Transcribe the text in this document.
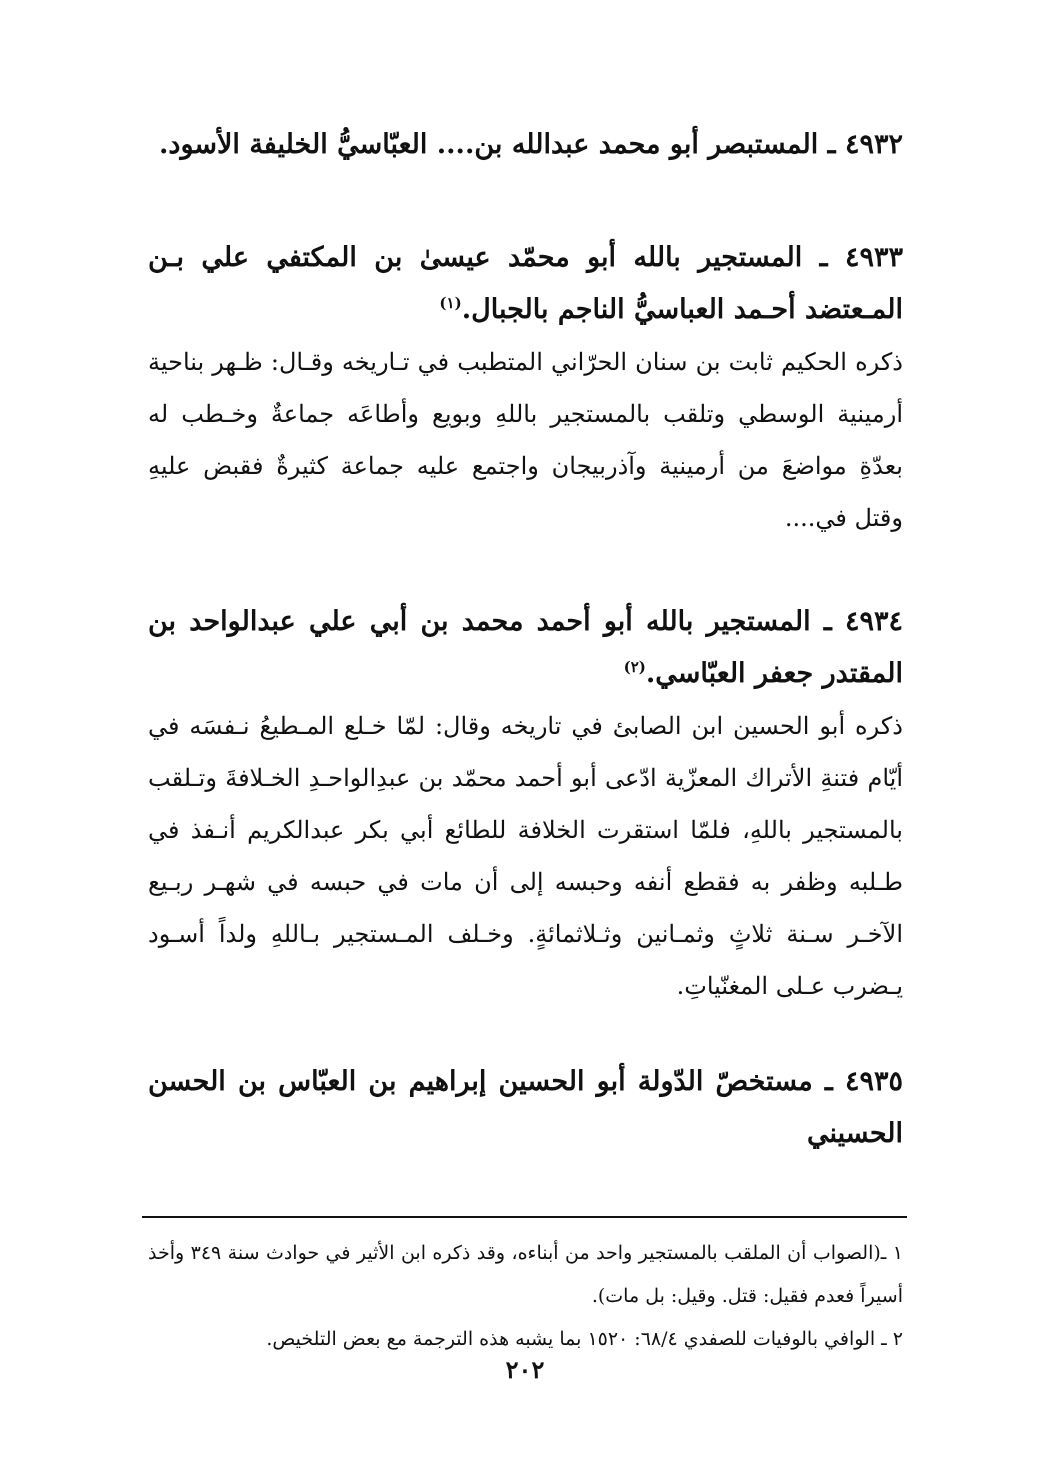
٤٩٣٢ ـ المستبصر أبو محمد عبدالله بن.... العبّاسيُّ الخليفة الأسود.

٤٩٣٣ ـ المستجير بالله أبو محمّد عيسىٰ بن المكتفي علي بـن المـعتضد أحـمد العباسيُّ الناجم بالجبال.$^{(١)}$

ذكره الحكيم ثابت بن سنان الحرّاني المتطبب في تـاريخه وقـال: ظـهر بناحية أرمينية الوسطي وتلقب بالمستجير باللهِ وبويع وأطاعَه جماعةٌ وخـطب له بعدّةِ مواضعَ من أرمينية وآذربيجان واجتمع عليه جماعة كثيرةٌ فقبض عليهِ وقتل في....

٤٩٣٤ ـ المستجير بالله أبو أحمد محمد بن أبي علي عبدالواحد بن المقتدر جعفر العبّاسي.$^{(٢)}$

ذكره أبو الحسين ابن الصابئ في تاريخه وقال: لمّا خـلع المـطيعُ نـفسَه في أيّام فتنةِ الأتراك المعزّية ادّعى أبو أحمد محمّد بن عبدِالواحـدِ الخـلافةَ وتـلقب بالمستجير باللهِ، فلمّا استقرت الخلافة للطائع أبي بكر عبدالكريم أنـفذ في طـلبه وظفر به فقطع أنفه وحبسه إلى أن مات في حبسه في شهـر ربـيع الآخـر سـنة ثلاثٍ وثمـانين وثـلاثمائةٍ. وخـلف المـستجير بـاللهِ ولداً أسـود يـضرب عـلى المغنّياتِ.

٤٩٣٥ ـ مستخصّ الدّولة أبو الحسين إبراهيم بن العبّاس بن الحسن الحسيني

١ ـ(الصواب أن الملقب بالمستجير واحد من أبناءه، وقد ذكره ابن الأثير في حوادث سنة ٣٤٩ وأخذ أسيراً فعدم فقيل: قتل. وقيل: بل مات).

٢ ـ الوافي بالوفيات للصفدي ٦٨/٤: ١٥٢٠ بما يشبه هذه الترجمة مع بعض التلخيص.

٢٠٢
